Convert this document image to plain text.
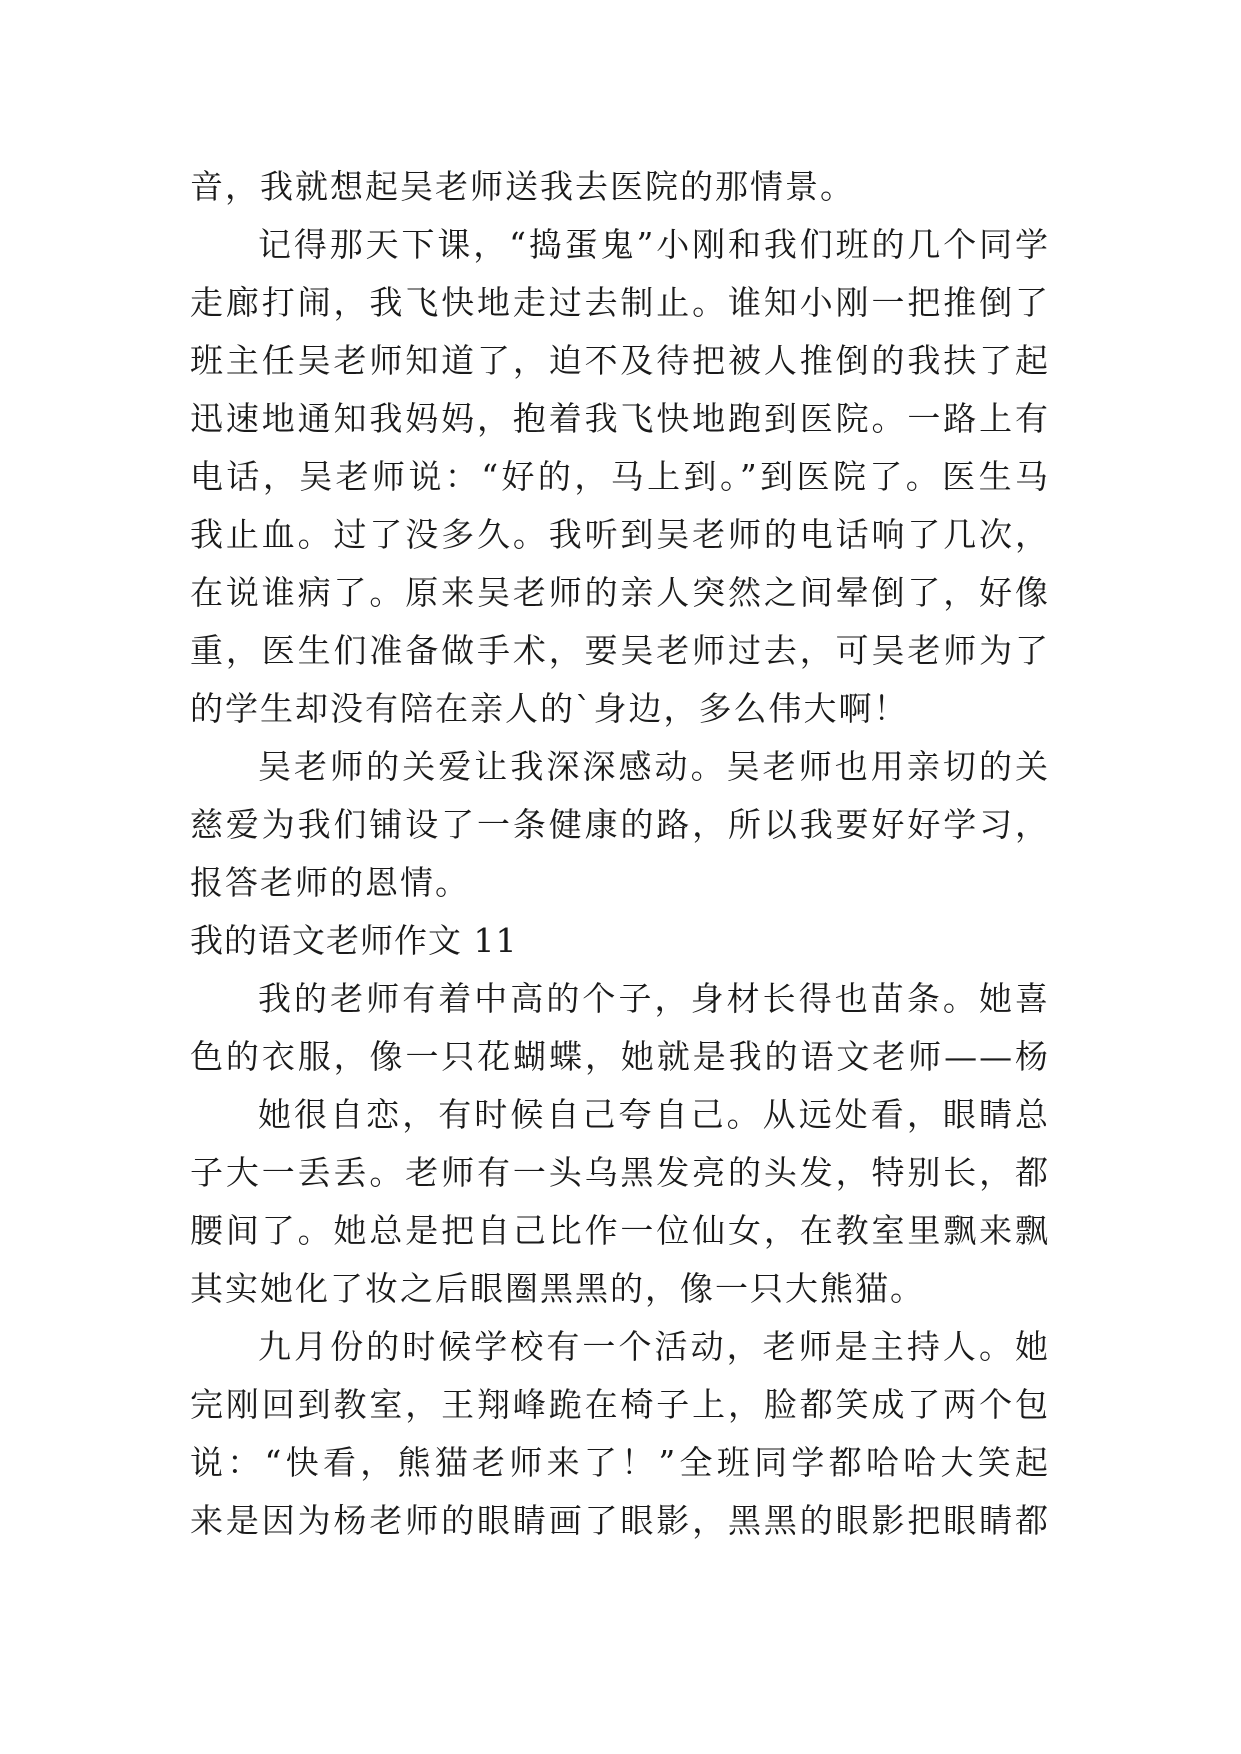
音，我就想起吴老师送我去医院的那情景。
记得那天下课，“捣蛋鬼”小刚和我们班的几个同学
走廊打闹，我飞快地走过去制止。谁知小刚一把推倒了
班主任吴老师知道了，迫不及待把被人推倒的我扶了起
迅速地通知我妈妈，抱着我飞快地跑到医院。一路上有
电话，吴老师说：“好的，马上到。”到医院了。医生马
我止血。过了没多久。我听到吴老师的电话响了几次，
在说谁病了。原来吴老师的亲人突然之间晕倒了，好像
重，医生们准备做手术，要吴老师过去，可吴老师为了
的学生却没有陪在亲人的`身边，多么伟大啊！
吴老师的关爱让我深深感动。吴老师也用亲切的关
慈爱为我们铺设了一条健康的路，所以我要好好学习，
报答老师的恩情。
我的语文老师作文 11
我的老师有着中高的个子，身材长得也苗条。她喜
色的衣服，像一只花蝴蝶，她就是我的语文老师——杨
她很自恋，有时候自己夸自己。从远处看，眼睛总
子大一丢丢。老师有一头乌黑发亮的头发，特别长，都
腰间了。她总是把自己比作一位仙女，在教室里飘来飘
其实她化了妆之后眼圈黑黑的，像一只大熊猫。
九月份的时候学校有一个活动，老师是主持人。她
完刚回到教室，王翔峰跪在椅子上，脸都笑成了两个包
说：“快看，熊猫老师来了！”全班同学都哈哈大笑起
来是因为杨老师的眼睛画了眼影，黑黑的眼影把眼睛都
